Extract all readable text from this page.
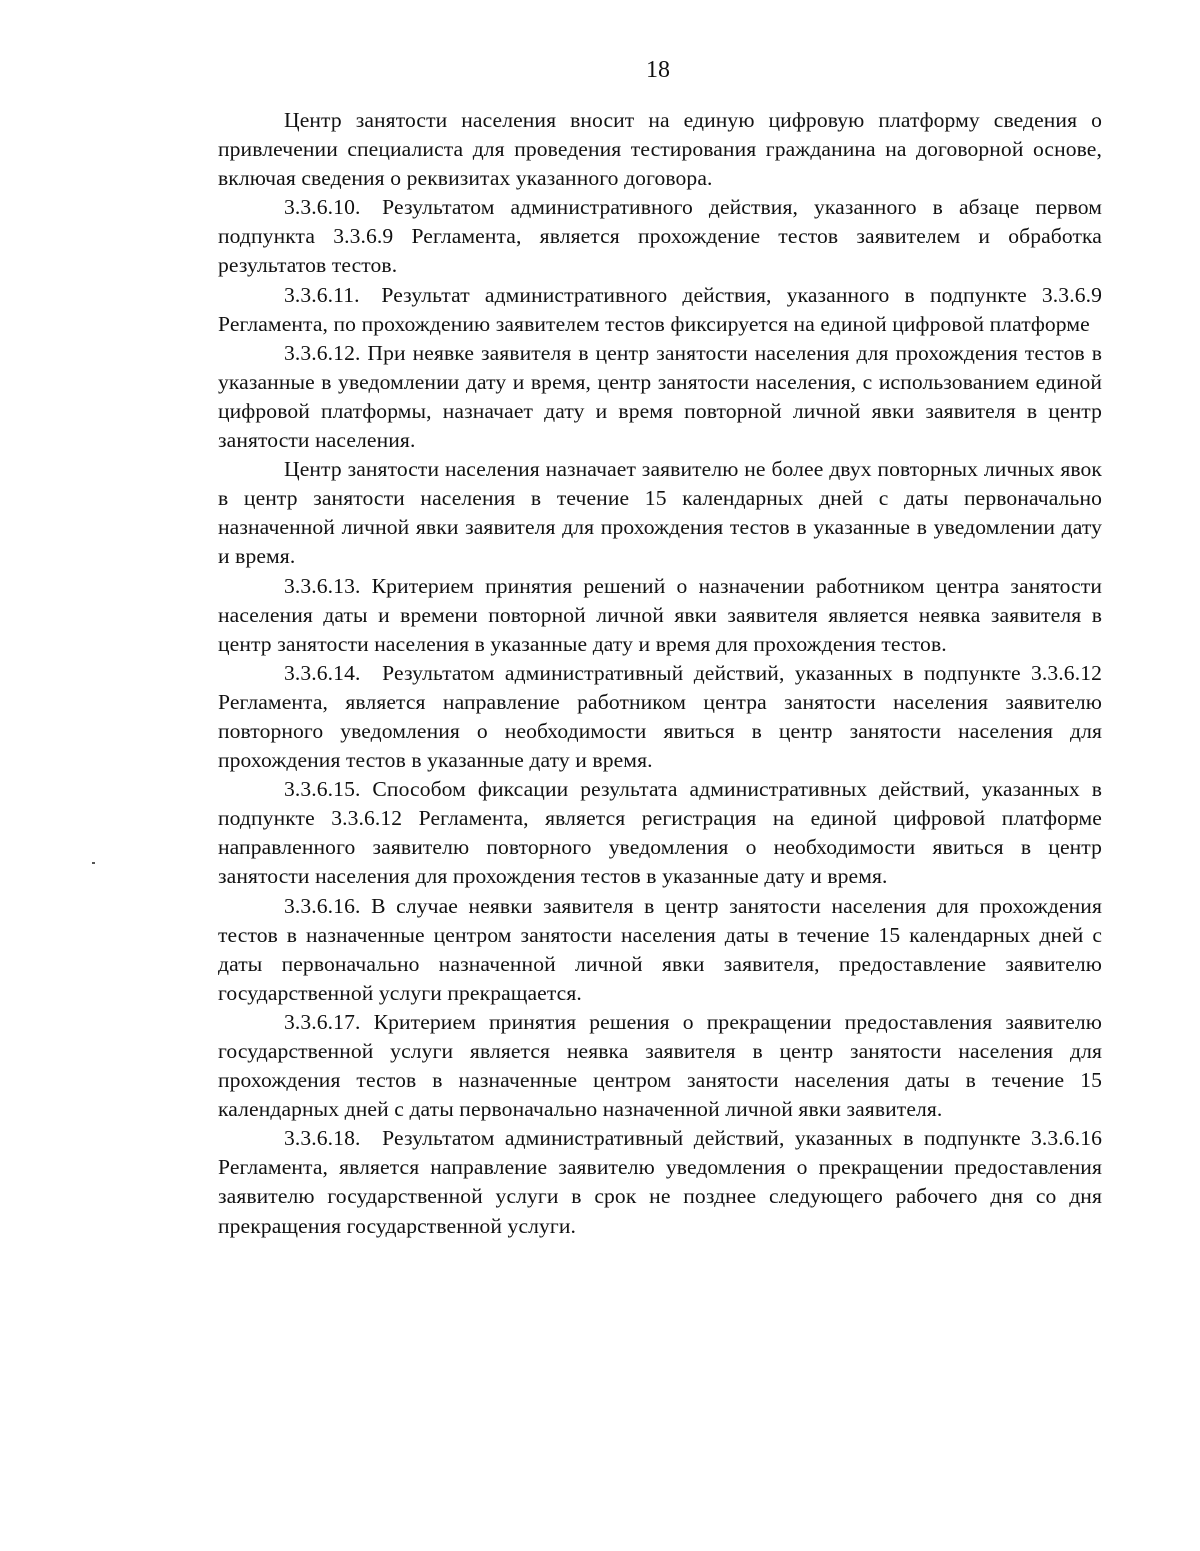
18

Центр занятости населения вносит на единую цифровую платформу сведения о привлечении специалиста для проведения тестирования гражданина на договорной основе, включая сведения о реквизитах указанного договора.

3.3.6.10. Результатом административного действия, указанного в абзаце первом подпункта 3.3.6.9 Регламента, является прохождение тестов заявителем и обработка результатов тестов.

3.3.6.11. Результат административного действия, указанного в подпункте 3.3.6.9 Регламента, по прохождению заявителем тестов фиксируется на единой цифровой платформе

3.3.6.12. При неявке заявителя в центр занятости населения для прохождения тестов в указанные в уведомлении дату и время, центр занятости населения, с использованием единой цифровой платформы, назначает дату и время повторной личной явки заявителя в центр занятости населения.

Центр занятости населения назначает заявителю не более двух повторных личных явок в центр занятости населения в течение 15 календарных дней с даты первоначально назначенной личной явки заявителя для прохождения тестов в указанные в уведомлении дату и время.

3.3.6.13. Критерием принятия решений о назначении работником центра занятости населения даты и времени повторной личной явки заявителя является неявка заявителя в центр занятости населения в указанные дату и время для прохождения тестов.

3.3.6.14. Результатом административный действий, указанных в подпункте 3.3.6.12 Регламента, является направление работником центра занятости населения заявителю повторного уведомления о необходимости явиться в центр занятости населения для прохождения тестов в указанные дату и время.

3.3.6.15. Способом фиксации результата административных действий, указанных в подпункте 3.3.6.12 Регламента, является регистрация на единой цифровой платформе направленного заявителю повторного уведомления о необходимости явиться в центр занятости населения для прохождения тестов в указанные дату и время.

3.3.6.16. В случае неявки заявителя в центр занятости населения для прохождения тестов в назначенные центром занятости населения даты в течение 15 календарных дней с даты первоначально назначенной личной явки заявителя, предоставление заявителю государственной услуги прекращается.

3.3.6.17. Критерием принятия решения о прекращении предоставления заявителю государственной услуги является неявка заявителя в центр занятости населения для прохождения тестов в назначенные центром занятости населения даты в течение 15 календарных дней с даты первоначально назначенной личной явки заявителя.

3.3.6.18. Результатом административный действий, указанных в подпункте 3.3.6.16 Регламента, является направление заявителю уведомления о прекращении предоставления заявителю государственной услуги в срок не позднее следующего рабочего дня со дня прекращения государственной услуги.
